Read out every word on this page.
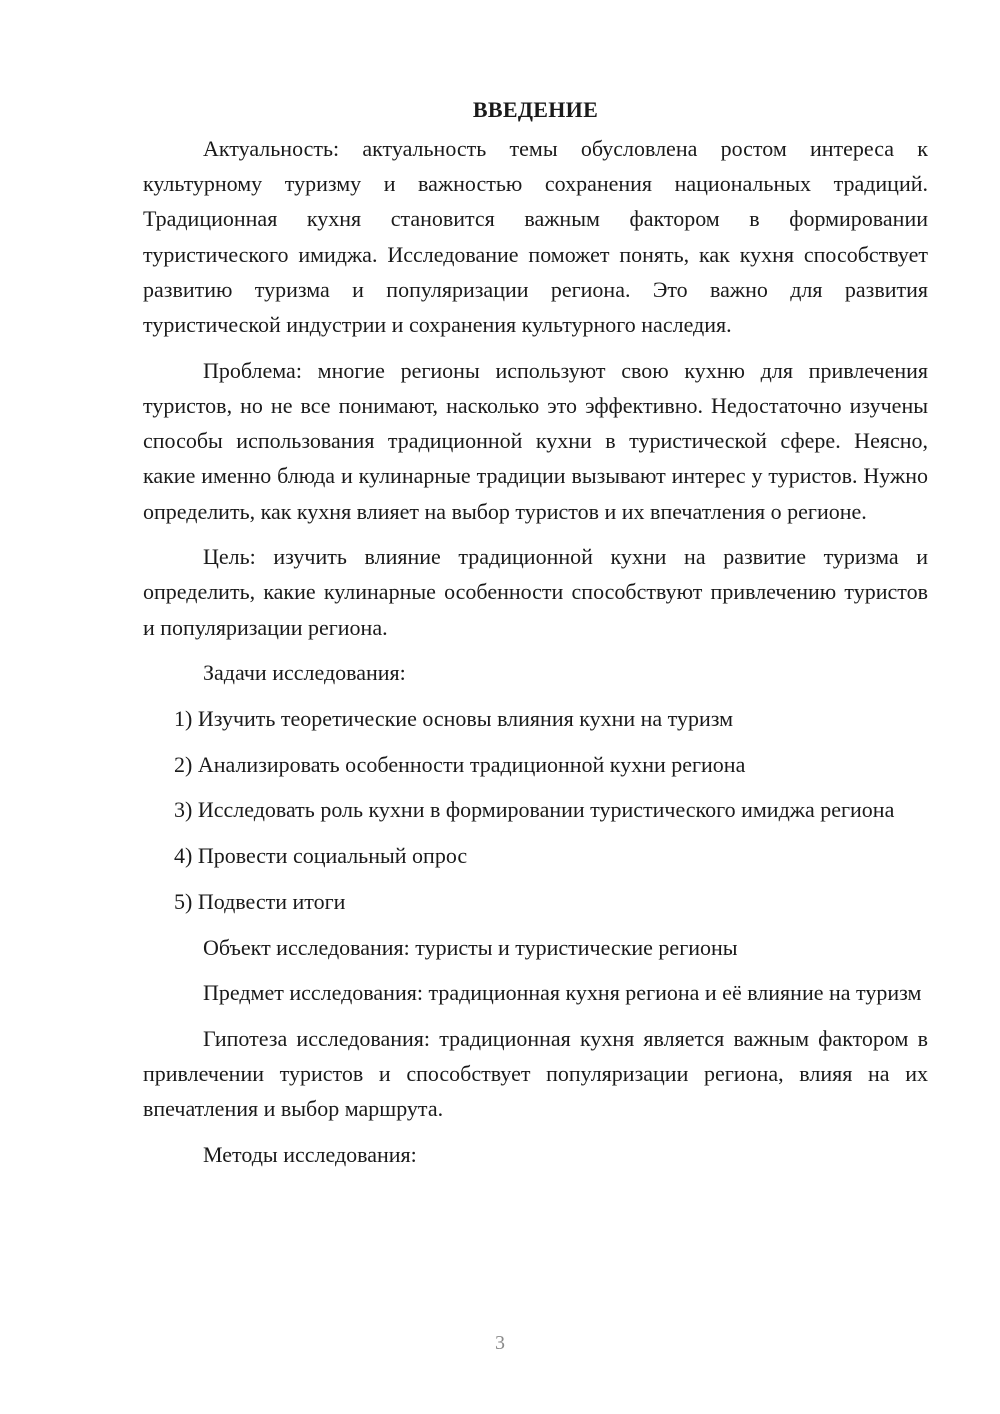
ВВЕДЕНИЕ

Актуальность: актуальность темы обусловлена ростом интереса к культурному туризму и важностью сохранения национальных традиций. Традиционная кухня становится важным фактором в формировании туристического имиджа. Исследование поможет понять, как кухня способствует развитию туризма и популяризации региона. Это важно для развития туристической индустрии и сохранения культурного наследия.

Проблема: многие регионы используют свою кухню для привлечения туристов, но не все понимают, насколько это эффективно. Недостаточно изучены способы использования традиционной кухни в туристической сфере. Неясно, какие именно блюда и кулинарные традиции вызывают интерес у туристов. Нужно определить, как кухня влияет на выбор туристов и их впечатления о регионе.

Цель: изучить влияние традиционной кухни на развитие туризма и определить, какие кулинарные особенности способствуют привлечению туристов и популяризации региона.

Задачи исследования:

1) Изучить теоретические основы влияния кухни на туризм

2) Анализировать особенности традиционной кухни региона

3) Исследовать роль кухни в формировании туристического имиджа региона

4) Провести социальный опрос

5) Подвести итоги

Объект исследования: туристы и туристические регионы

Предмет исследования: традиционная кухня региона и её влияние на туризм

Гипотеза исследования: традиционная кухня является важным фактором в привлечении туристов и способствует популяризации региона, влияя на их впечатления и выбор маршрута.

Методы исследования:

3
